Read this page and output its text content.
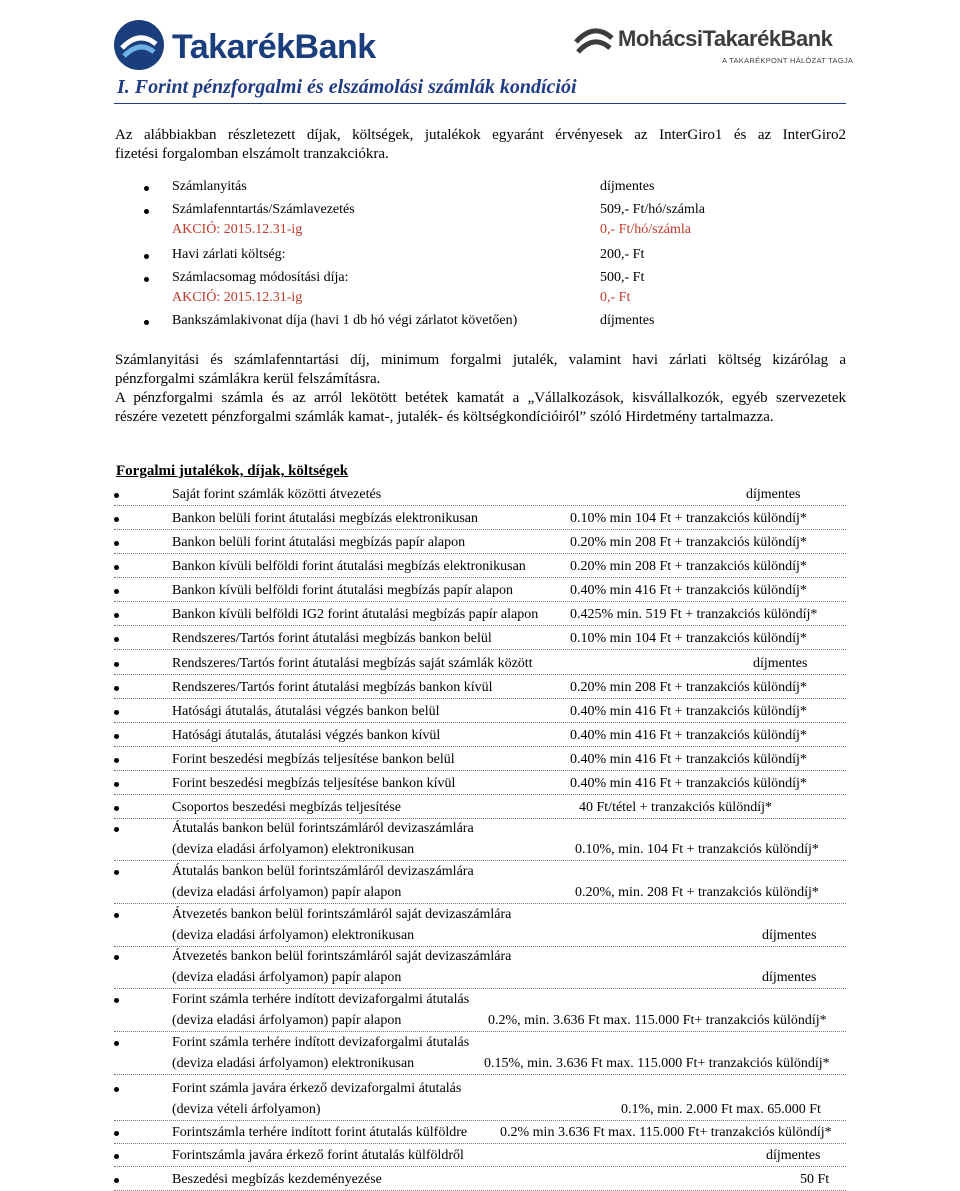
TakarékBank	MohácsiTakarékBank
A TAKARÉKPONT HÁLÓZAT TAGJA
I. Forint pénzforgalmi és elszámolási számlák kondíciói
Az alábbiakban részletezett díjak, költségek, jutalékok egyaránt érvényesek az InterGiro1 és az InterGiro2
fizetési forgalomban elszámolt tranzakciókra.
Számlanyitás	díjmentes
Számlafenntartás/Számlavezetés	509,- Ft/hó/számla
AKCIÓ: 2015.12.31-ig	0,- Ft/hó/számla
Havi zárlati költség:	200,- Ft
Számlacsomag módosítási díja:	500,- Ft
AKCIÓ: 2015.12.31-ig	0,- Ft
Bankszámlakivonat díja (havi 1 db hó végi zárlatot követően)	díjmentes
Számlanyitási és számlafenntartási díj, minimum forgalmi jutalék, valamint havi zárlati költség kizárólag a
pénzforgalmi számlákra kerül felszámításra.
A pénzforgalmi számla és az arról lekötött betétek kamatát a „Vállalkozások, kisvállalkozók, egyéb szervezetek
részére vezetett pénzforgalmi számlák kamat-, jutalék- és költségkondícióiról” szóló Hirdetmény tartalmazza.
Forgalmi jutalékok, díjak, költségek
Saját forint számlák közötti átvezetés	díjmentes
Bankon belüli forint átutalási megbízás elektronikusan	0.10% min 104 Ft + tranzakciós különdíj*
Bankon belüli forint átutalási megbízás papír alapon	0.20% min 208 Ft + tranzakciós különdíj*
Bankon kívüli belföldi forint átutalási megbízás elektronikusan	0.20% min 208 Ft + tranzakciós különdíj*
Bankon kívüli belföldi forint átutalási megbízás papír alapon	0.40% min 416 Ft + tranzakciós különdíj*
Bankon kívüli belföldi IG2 forint átutalási megbízás papír alapon 0.425% min. 519 Ft + tranzakciós különdíj*
Rendszeres/Tartós forint átutalási megbízás bankon belül	0.10% min 104 Ft + tranzakciós különdíj*
Rendszeres/Tartós forint átutalási megbízás saját számlák között	díjmentes
Rendszeres/Tartós forint átutalási megbízás bankon kívül	0.20% min 208 Ft + tranzakciós különdíj*
Hatósági átutalás, átutalási végzés bankon belül	0.40% min 416 Ft + tranzakciós különdíj*
Hatósági átutalás, átutalási végzés bankon kívül	0.40% min 416 Ft + tranzakciós különdíj*
Forint beszedési megbízás teljesítése bankon belül	0.40% min 416 Ft + tranzakciós különdíj*
Forint beszedési megbízás teljesítése bankon kívül	0.40% min 416 Ft + tranzakciós különdíj*
Csoportos beszedési megbízás teljesítése	40 Ft/tétel + tranzakciós különdíj*
Átutalás bankon belül forintszámláról devizaszámlára
(deviza eladási árfolyamon) elektronikusan	0.10%, min. 104 Ft + tranzakciós különdíj*
Átutalás bankon belül forintszámláról devizaszámlára
(deviza eladási árfolyamon) papír alapon	0.20%, min. 208 Ft + tranzakciós különdíj*
Átvezetés bankon belül forintszámláról saját devizaszámlára
(deviza eladási árfolyamon) elektronikusan	díjmentes
Átvezetés bankon belül forintszámláról saját devizaszámlára
(deviza eladási árfolyamon) papír alapon	díjmentes
Forint számla terhére indított devizaforgalmi átutalás
(deviza eladási árfolyamon) papír alapon	0.2%, min. 3.636 Ft max. 115.000 Ft+ tranzakciós különdíj*
Forint számla terhére indított devizaforgalmi átutalás
(deviza eladási árfolyamon) elektronikusan	0.15%, min. 3.636 Ft max. 115.000 Ft+ tranzakciós különdíj*
Forint számla javára érkező devizaforgalmi átutalás
(deviza vételi árfolyamon)	0.1%, min. 2.000 Ft max. 65.000 Ft
Forintszámla terhére indított forint átutalás külföldre 0.2% min 3.636 Ft max. 115.000 Ft+ tranzakciós különdíj*
Forintszámla javára érkező forint átutalás külföldről	díjmentes
Beszedési megbízás kezdeményezése	50 Ft
